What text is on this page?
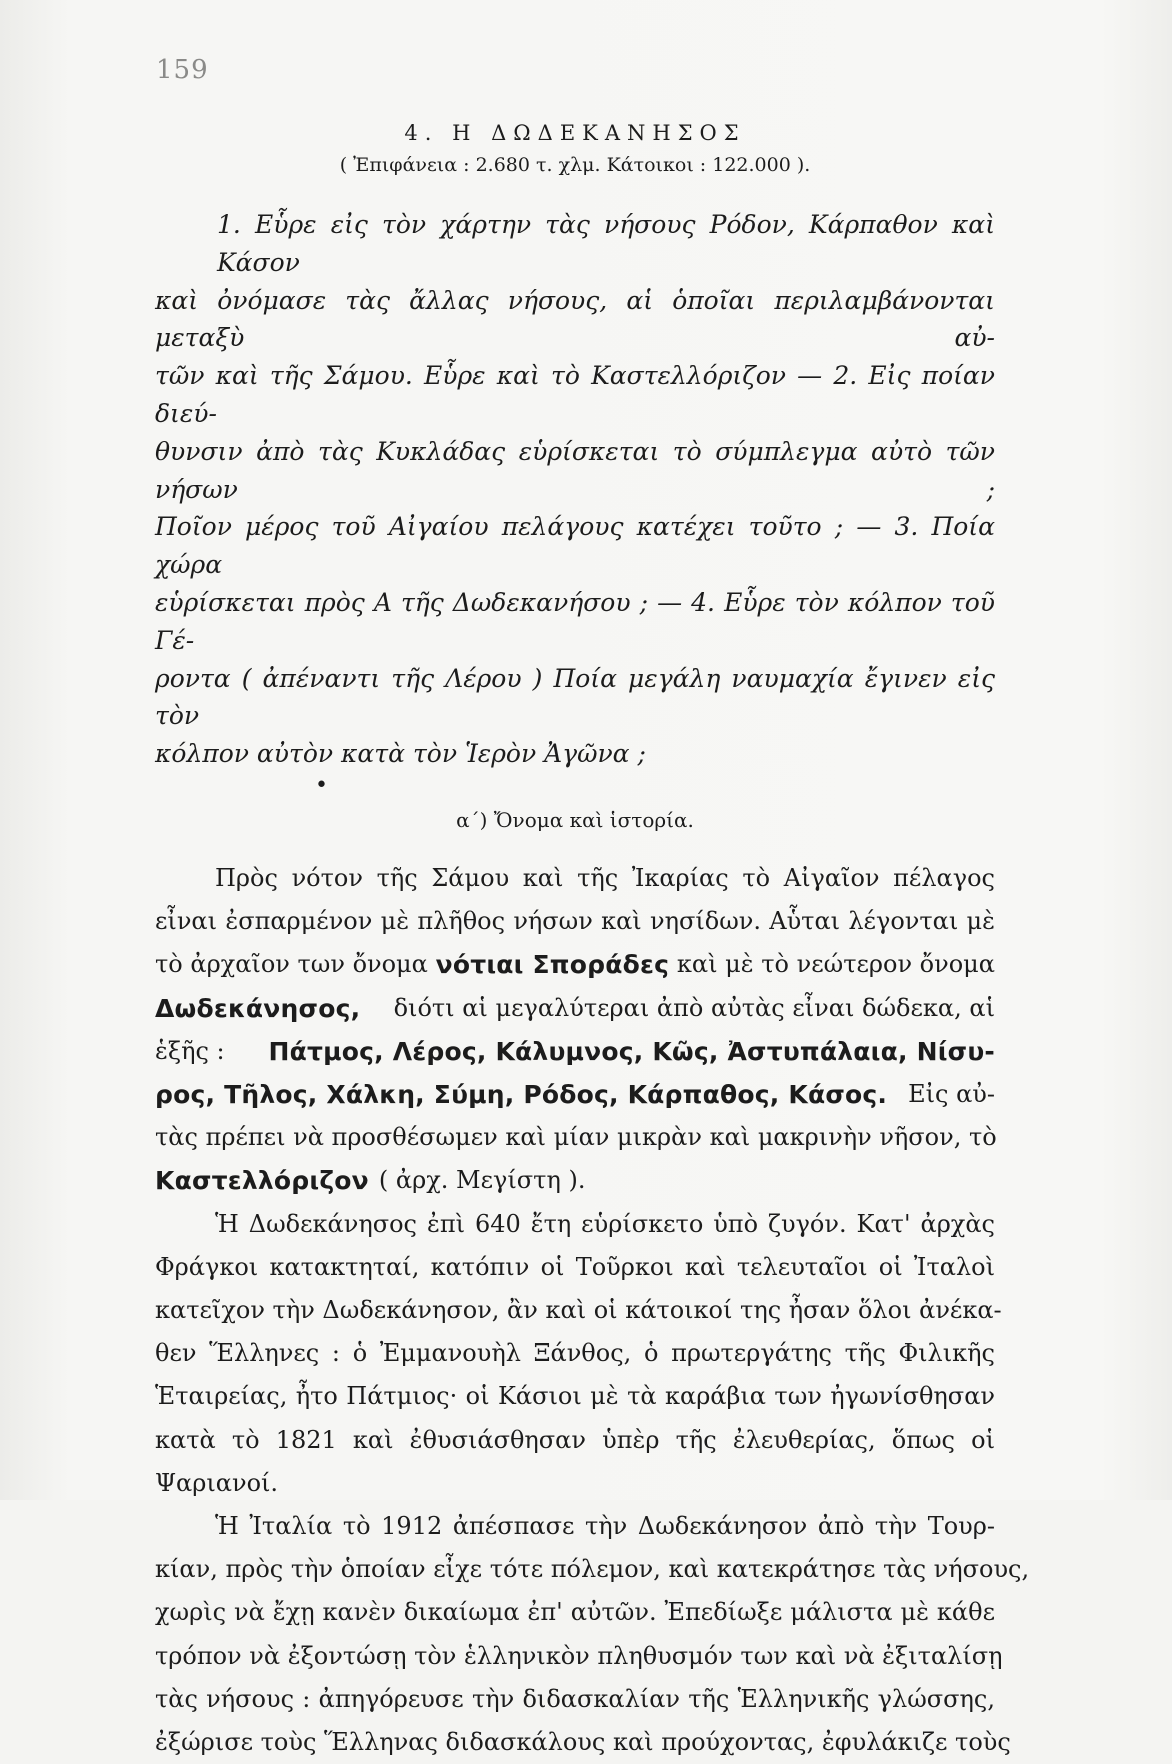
159
4. Η ΔΩΔΕΚΑΝΗΣΟΣ

( Ἐπιφάνεια : 2.680 τ. χλμ. Κάτοικοι : 122.000 ).

1. Εὗρε εἰς τὸν χάρτην τὰς νήσους Ρόδον, Κάρπαθον καὶ Κάσον
καὶ ὀνόμασε τὰς ἄλλας νήσους, αἱ ὁποῖαι περιλαμβάνονται μεταξὺ αὐ-
τῶν καὶ τῆς Σάμου. Εὗρε καὶ τὸ Καστελλόριζον — 2. Εἰς ποίαν διεύ-
θυνσιν ἀπὸ τὰς Κυκλάδας εὑρίσκεται τὸ σύμπλεγμα αὐτὸ τῶν νήσων ;
Ποῖον μέρος τοῦ Αἰγαίου πελάγους κατέχει τοῦτο ; — 3. Ποία χώρα
εὑρίσκεται πρὸς Α τῆς Δωδεκανήσου ; — 4. Εὗρε τὸν κόλπον τοῦ Γέ-
ροντα ( ἀπέναντι τῆς Λέρου ) Ποία μεγάλη ναυμαχία ἔγινεν εἰς τὸν
κόλπον αὐτὸν κατὰ τὸν Ἱερὸν Ἀγῶνα ;
•
α΄) Ὄνομα καὶ ἱστορία.
Πρὸς νότον τῆς Σάμου καὶ τῆς Ἰκαρίας τὸ Αἰγαῖον πέλαγος
εἶναι ἐσπαρμένον μὲ πλῆθος νήσων καὶ νησίδων. Αὗται λέγονται μὲ
τὸ ἀρχαῖον των ὄνομα νότιαι Σποράδες καὶ μὲ τὸ νεώτερον ὄνομα
Δωδεκάνησος, διότι αἱ μεγαλύτεραι ἀπὸ αὐτὰς εἶναι δώδεκα, αἱ
ἑξῆς : Πάτμος, Λέρος, Κάλυμνος, Κῶς, Ἀστυπάλαια, Νίσυ-
ρος, Τῆλος, Χάλκη, Σύμη, Ρόδος, Κάρπαθος, Κάσος. Εἰς αὐ-
τὰς πρέπει νὰ προσθέσωμεν καὶ μίαν μικρὰν καὶ μακρινὴν νῆσον, τὸ
Καστελλόριζον ( ἀρχ. Μεγίστη ).
Ἡ Δωδεκάνησος ἐπὶ 640 ἔτη εὑρίσκετο ὑπὸ ζυγόν. Κατ' ἀρχὰς
Φράγκοι κατακτηταί, κατόπιν οἱ Τοῦρκοι καὶ τελευταῖοι οἱ Ἰταλοὶ
κατεῖχον τὴν Δωδεκάνησον, ἂν καὶ οἱ κάτοικοί της ἦσαν ὅλοι ἀνέκα-
θεν Ἕλληνες : ὁ Ἐμμανουὴλ Ξάνθος, ὁ πρωτεργάτης τῆς Φιλικῆς
Ἑταιρείας, ἦτο Πάτμιος· οἱ Κάσιοι μὲ τὰ καράβια των ἠγωνίσθησαν
κατὰ τὸ 1821 καὶ ἐθυσιάσθησαν ὑπὲρ τῆς ἐλευθερίας, ὅπως οἱ
Ψαριανοί.
Ἡ Ἰταλία τὸ 1912 ἀπέσπασε τὴν Δωδεκάνησον ἀπὸ τὴν Τουρ-
κίαν, πρὸς τὴν ὁποίαν εἶχε τότε πόλεμον, καὶ κατεκράτησε τὰς νήσους,
χωρὶς νὰ ἔχῃ κανὲν δικαίωμα ἐπ' αὐτῶν. Ἐπεδίωξε μάλιστα μὲ κάθε
τρόπον νὰ ἐξοντώσῃ τὸν ἑλληνικὸν πληθυσμόν των καὶ νὰ ἐξιταλίσῃ
τὰς νήσους : ἀπηγόρευσε τὴν διδασκαλίαν τῆς Ἑλληνικῆς γλώσσης,
ἐξώρισε τοὺς Ἕλληνας διδασκάλους καὶ προύχοντας, ἐφυλάκιζε τοὺς
